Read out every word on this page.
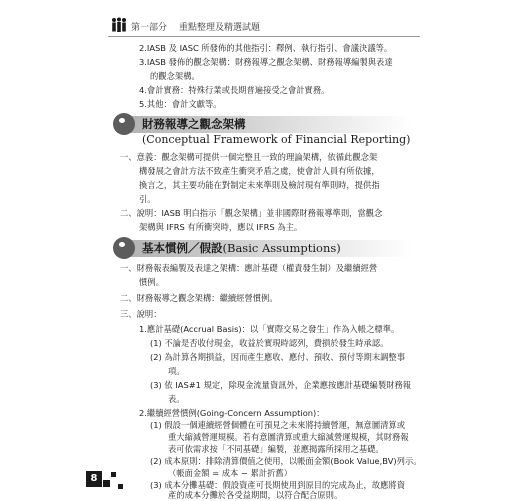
第一部分 重點整理及精選試題
2.IASB 及 IASC 所發佈的其他指引：釋例、執行指引、會議決議等。
3.IASB 發佈的觀念架構：財務報導之觀念架構、財務報導編製與表達
的觀念架構。
4.會計實務：特殊行業或長期普遍接受之會計實務。
5.其他：會計文獻等。
財務報導之觀念架構
(Conceptual Framework of Financial Reporting)
一、意義：觀念架構可提供一個完整且一致的理論架構，依循此觀念架
構發展之會計方法不致產生衝突矛盾之虞，使會計人員有所依據，
換言之，其主要功能在對制定未來準則及檢討現有準則時，提供指
引。
二、說明：IASB 明白指示「觀念架構」並非國際財務報導準則，當觀念
架構與 IFRS 有所衝突時，應以 IFRS 為主。
基本慣例／假設(Basic Assumptions)
一、財務報表編製及表達之架構：應計基礎（權責發生制）及繼續經營
慣例。
二、財務報導之觀念架構：繼續經營慣例。
三、說明：
1.應計基礎(Accrual Basis)：以「實際交易之發生」作為入帳之標準。
(1) 不論是否收付現金，收益於實現時認列，費損於發生時承認。
(2) 為計算各期損益，因而產生應收、應付、預收、預付等期末調整事
項。
(3) 依 IAS#1 規定，除現金流量資訊外，企業應按應計基礎編製財務報
表。
2.繼續經營慣例(Going-Concern Assumption)：
(1) 假設一個連續經營個體在可預見之未來將持續營運，無意圖清算或
重大縮減營運規模。若有意圖清算或重大縮減營運規模，其財務報
表可依需求按「不同基礎」編製，並應揭露所採用之基礎。
(2) 成本原則：排除清算價值之使用，以帳面金額(Book Value,BV)列示。
（帳面金額 = 成本 − 累計折舊）
(3) 成本分攤基礎：假設資產可長期使用到原目的完成為止，故應將資
產的成本分攤於各受益期間，以符合配合原則。
8
